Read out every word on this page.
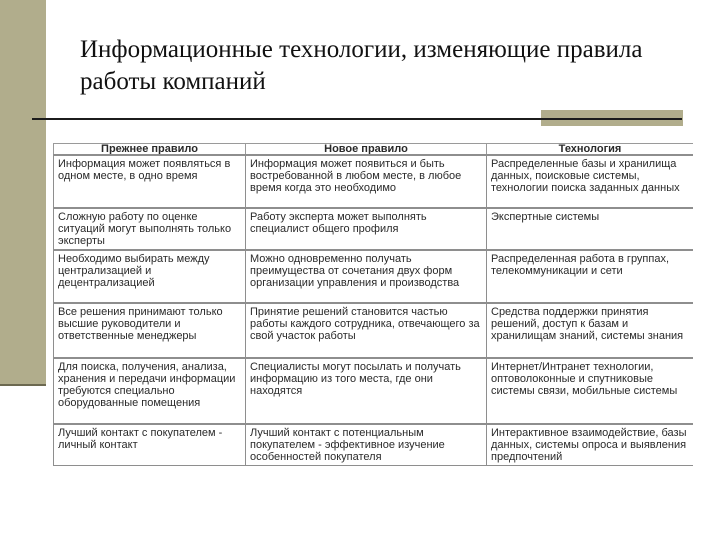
Информационные технологии, изменяющие правила работы компаний
Прежнее правило	Новое правило	Технология
Информация может появляться в одном месте, в одно время	Информация может появиться и быть востребованной в любом месте, в любое время когда это необходимо	Распределенные базы и хранилища данных, поисковые системы, технологии поиска заданных данных
Сложную работу по оценке ситуаций могут выполнять только эксперты	Работу эксперта может выполнять специалист общего профиля	Экспертные системы
Необходимо выбирать между централизацией и децентрализацией	Можно одновременно получать преимущества от сочетания двух форм организации управления и производства	Распределенная работа в группах, телекоммуникации и сети
Все решения принимают только высшие руководители и ответственные менеджеры	Принятие решений становится частью работы каждого сотрудника, отвечающего за свой участок работы	Средства поддержки принятия решений, доступ к базам и хранилищам знаний, системы знания
Для поиска, получения, анализа, хранения и передачи информации требуются специально оборудованные помещения	Специалисты могут посылать и получать информацию из того места, где они находятся	Интернет/Интранет технологии, оптоволоконные и спутниковые системы связи, мобильные системы
Лучший контакт с покупателем - личный контакт	Лучший контакт с потенциальным покупателем - эффективное изучение особенностей покупателя	Интерактивное взаимодействие, базы данных, системы опроса и выявления предпочтений
